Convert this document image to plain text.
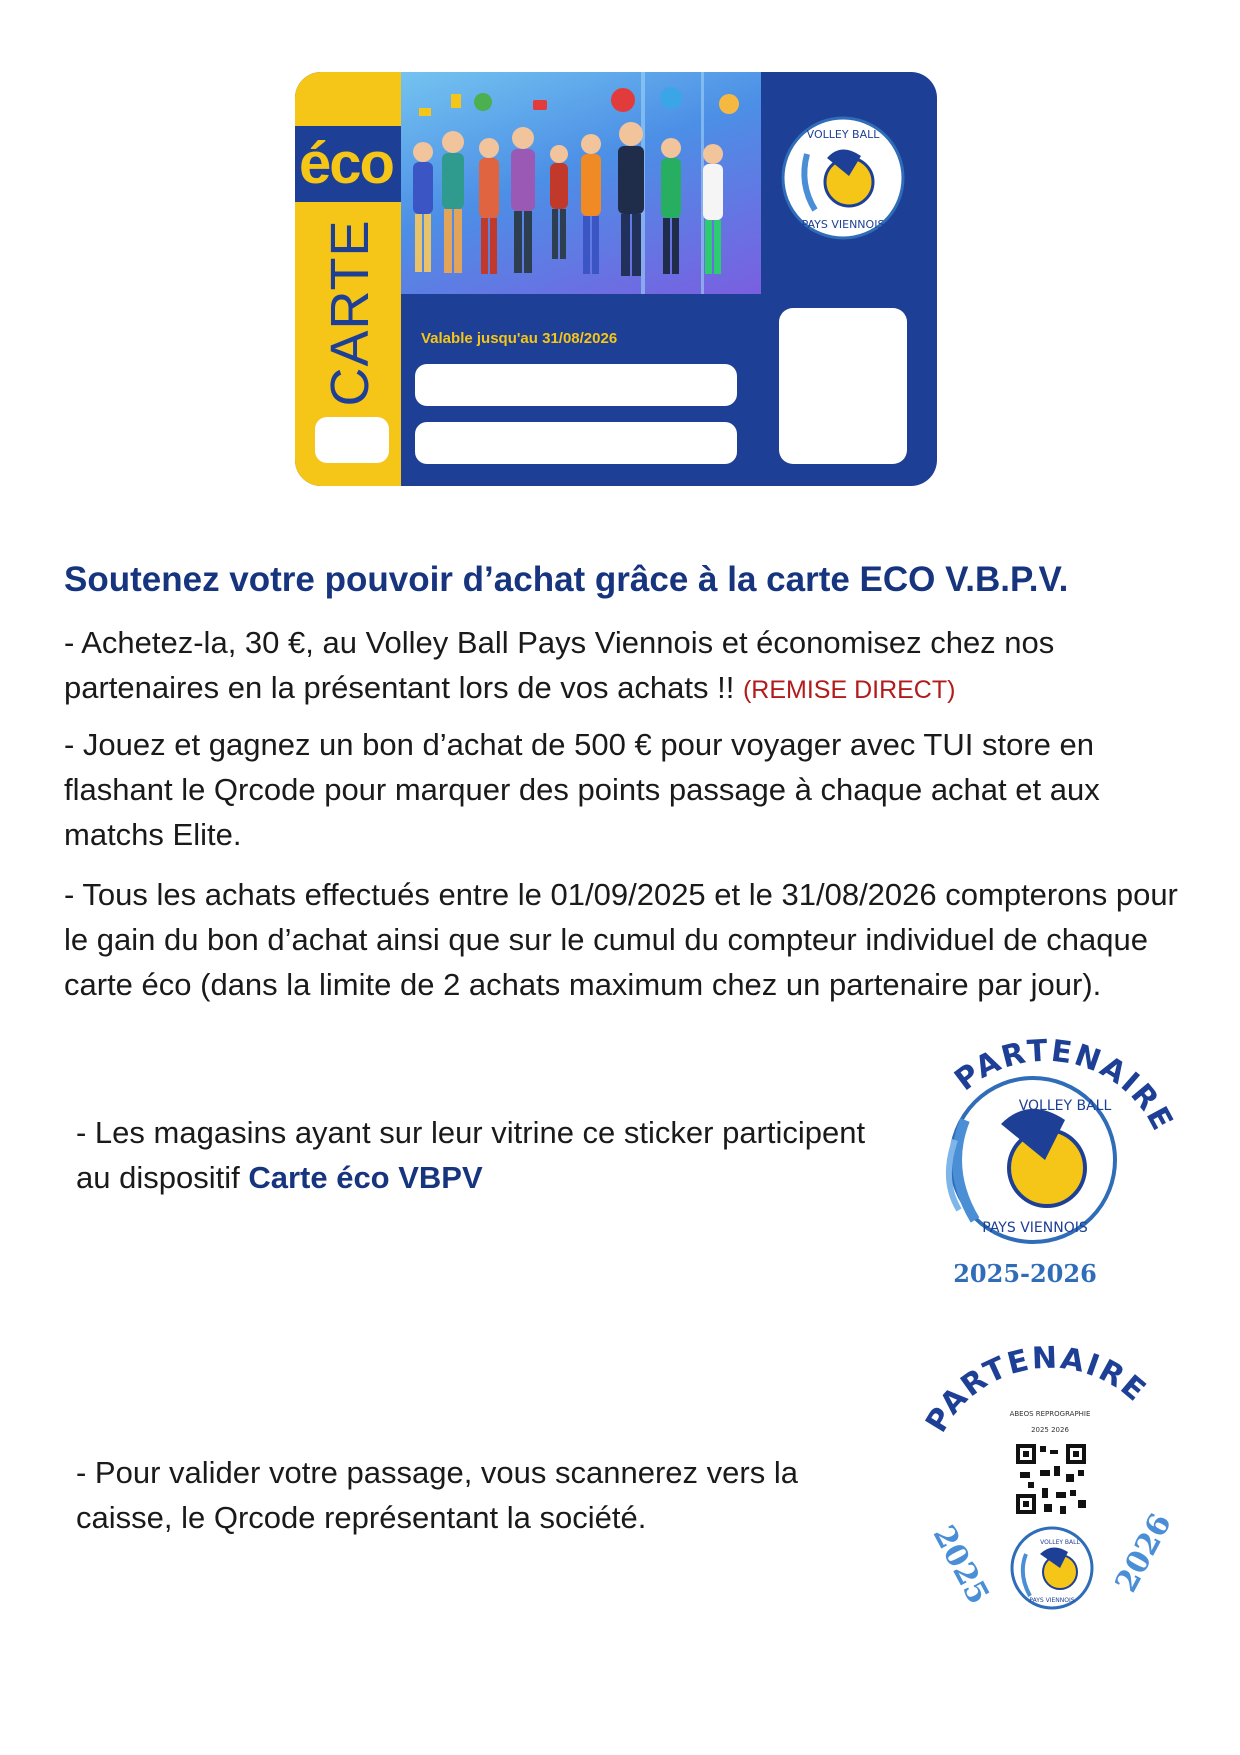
éco
CARTE
VOLLEY BALL
PAYS VIENNOIS
Valable jusqu'au 31/08/2026
Soutenez votre pouvoir d’achat grâce à la carte ECO V.B.P.V.
- Achetez-la, 30 €, au Volley Ball Pays Viennois et économisez chez nos partenaires en la présentant lors de vos achats !! (REMISE DIRECT)
- Jouez et gagnez un bon d’achat de 500 € pour voyager avec TUI store en flashant le Qrcode pour marquer des points passage à chaque achat et aux matchs Elite.
- Tous les achats effectués entre le 01/09/2025 et le 31/08/2026 compterons pour le gain du bon d’achat ainsi que sur le cumul du compteur individuel de chaque carte éco (dans la limite de 2 achats maximum chez un partenaire par jour).
- Les magasins ayant sur leur vitrine ce sticker participent au dispositif Carte éco VBPV
- Pour valider votre passage, vous scannerez vers la caisse, le Qrcode représentant la société.
PARTENAIRE
VOLLEY BALL
PAYS VIENNOIS
2025-2026
PARTENAIRE
ABEOS REPROGRAPHIE
2025 2026
2025	2026
VOLLEY BALL
PAYS VIENNOIS
